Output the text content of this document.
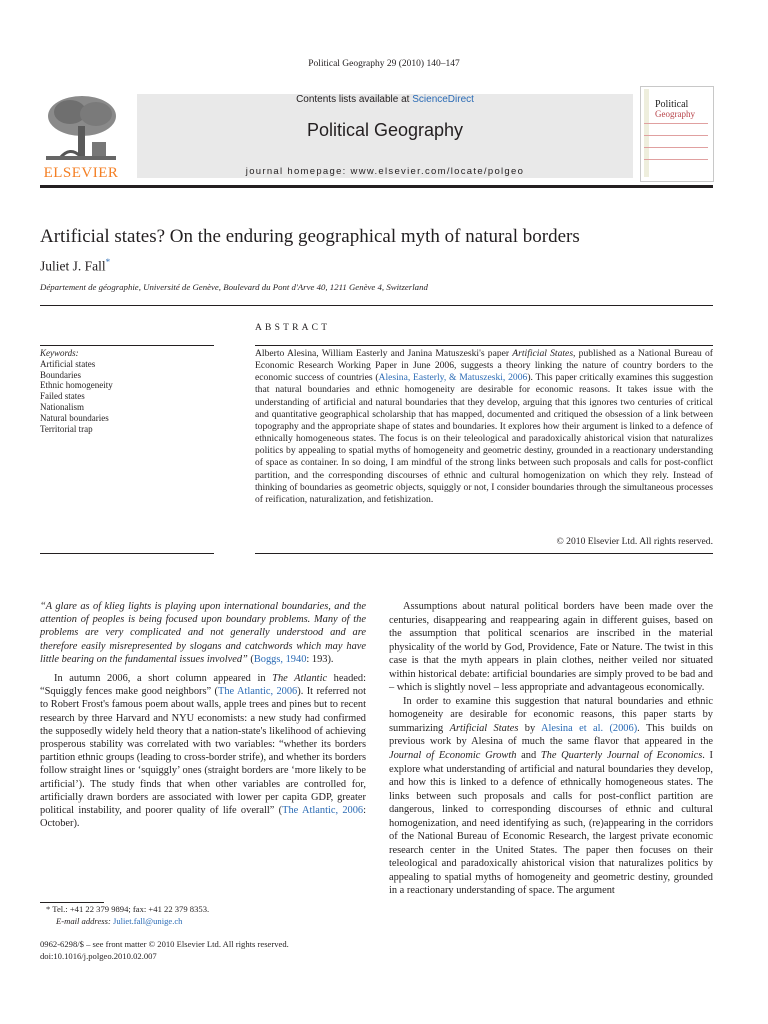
Political Geography 29 (2010) 140–147
Contents lists available at ScienceDirect
Political Geography
journal homepage: www.elsevier.com/locate/polgeo
ELSEVIER
Political
Geography
Artificial states? On the enduring geographical myth of natural borders
Juliet J. Fall*
Département de géographie, Université de Genève, Boulevard du Pont d'Arve 40, 1211 Genève 4, Switzerland
ABSTRACT
Keywords:
Artificial states
Boundaries
Ethnic homogeneity
Failed states
Nationalism
Natural boundaries
Territorial trap
Alberto Alesina, William Easterly and Janina Matuszeski's paper Artificial States, published as a National Bureau of Economic Research Working Paper in June 2006, suggests a theory linking the nature of country borders to the economic success of countries (Alesina, Easterly, & Matuszeski, 2006). This paper critically examines this suggestion that natural boundaries and ethnic homogeneity are desirable for economic reasons. It takes issue with the understanding of artificial and natural boundaries that they develop, arguing that this ignores two centuries of critical and quantitative geographical scholarship that has mapped, documented and critiqued the obsession of a link between topography and the appropriate shape of states and boundaries. It explores how their argument is linked to a defence of ethnically homogeneous states. The focus is on their teleological and paradoxically ahistorical vision that naturalizes politics by appealing to spatial myths of homogeneity and geometric destiny, grounded in a reactionary understanding of space as container. In so doing, I am mindful of the strong links between such proposals and calls for post-conflict partition, and the corresponding discourses of ethnic and cultural homogenization on which they rely. Instead of thinking of boundaries as geometric objects, squiggly or not, I consider boundaries through the simultaneous processes of reification, naturalization, and fetishization.
© 2010 Elsevier Ltd. All rights reserved.
“A glare as of klieg lights is playing upon international boundaries, and the attention of peoples is being focused upon boundary problems. Many of the problems are very complicated and not generally understood and are therefore easily misrepresented by slogans and catchwords which may have little bearing on the fundamental issues involved” (Boggs, 1940: 193).

In autumn 2006, a short column appeared in The Atlantic headed: “Squiggly fences make good neighbors” (The Atlantic, 2006). It referred not to Robert Frost's famous poem about walls, apple trees and pines but to recent research by three Harvard and NYU economists: a new study had confirmed the supposedly widely held theory that a nation-state's likelihood of achieving prosperous stability was correlated with two variables: “whether its borders partition ethnic groups (leading to cross-border strife), and whether its borders follow straight lines or ‘squiggly’ ones (straight borders are ‘more likely to be artificial’). The study finds that when other variables are controlled for, artificially drawn borders are associated with lower per capita GDP, greater political instability, and poorer quality of life overall” (The Atlantic, 2006: October).

Assumptions about natural political borders have been made over the centuries, disappearing and reappearing again in different guises, based on the assumption that political scenarios are inscribed in the material physicality of the world by God, Providence, Fate or Nature. The twist in this case is that the myth appears in plain clothes, neither veiled nor situated within historical debate: artificial boundaries are simply proved to be bad and – which is slightly novel – less appropriate and advantageous economically.

In order to examine this suggestion that natural boundaries and ethnic homogeneity are desirable for economic reasons, this paper starts by summarizing Artificial States by Alesina et al. (2006). This builds on previous work by Alesina of much the same flavor that appeared in the Journal of Economic Growth and The Quarterly Journal of Economics. I explore what understanding of artificial and natural boundaries they develop, and how this is linked to a defence of ethnically homogeneous states. The links between such proposals and calls for post-conflict partition are dangerous, linked to corresponding discourses of ethnic and cultural homogenization, and need identifying as such, (re)appearing in the corridors of the National Bureau of Economic Research, the largest private economic research center in the United States. The paper then focuses on their teleological and paradoxically ahistorical vision that naturalizes politics by appealing to spatial myths of homogeneity and geometric destiny, grounded in a reactionary understanding of space. The argument

* Tel.: +41 22 379 9894; fax: +41 22 379 8353.
E-mail address: Juliet.fall@unige.ch
0962-6298/$ – see front matter © 2010 Elsevier Ltd. All rights reserved.
doi:10.1016/j.polgeo.2010.02.007
